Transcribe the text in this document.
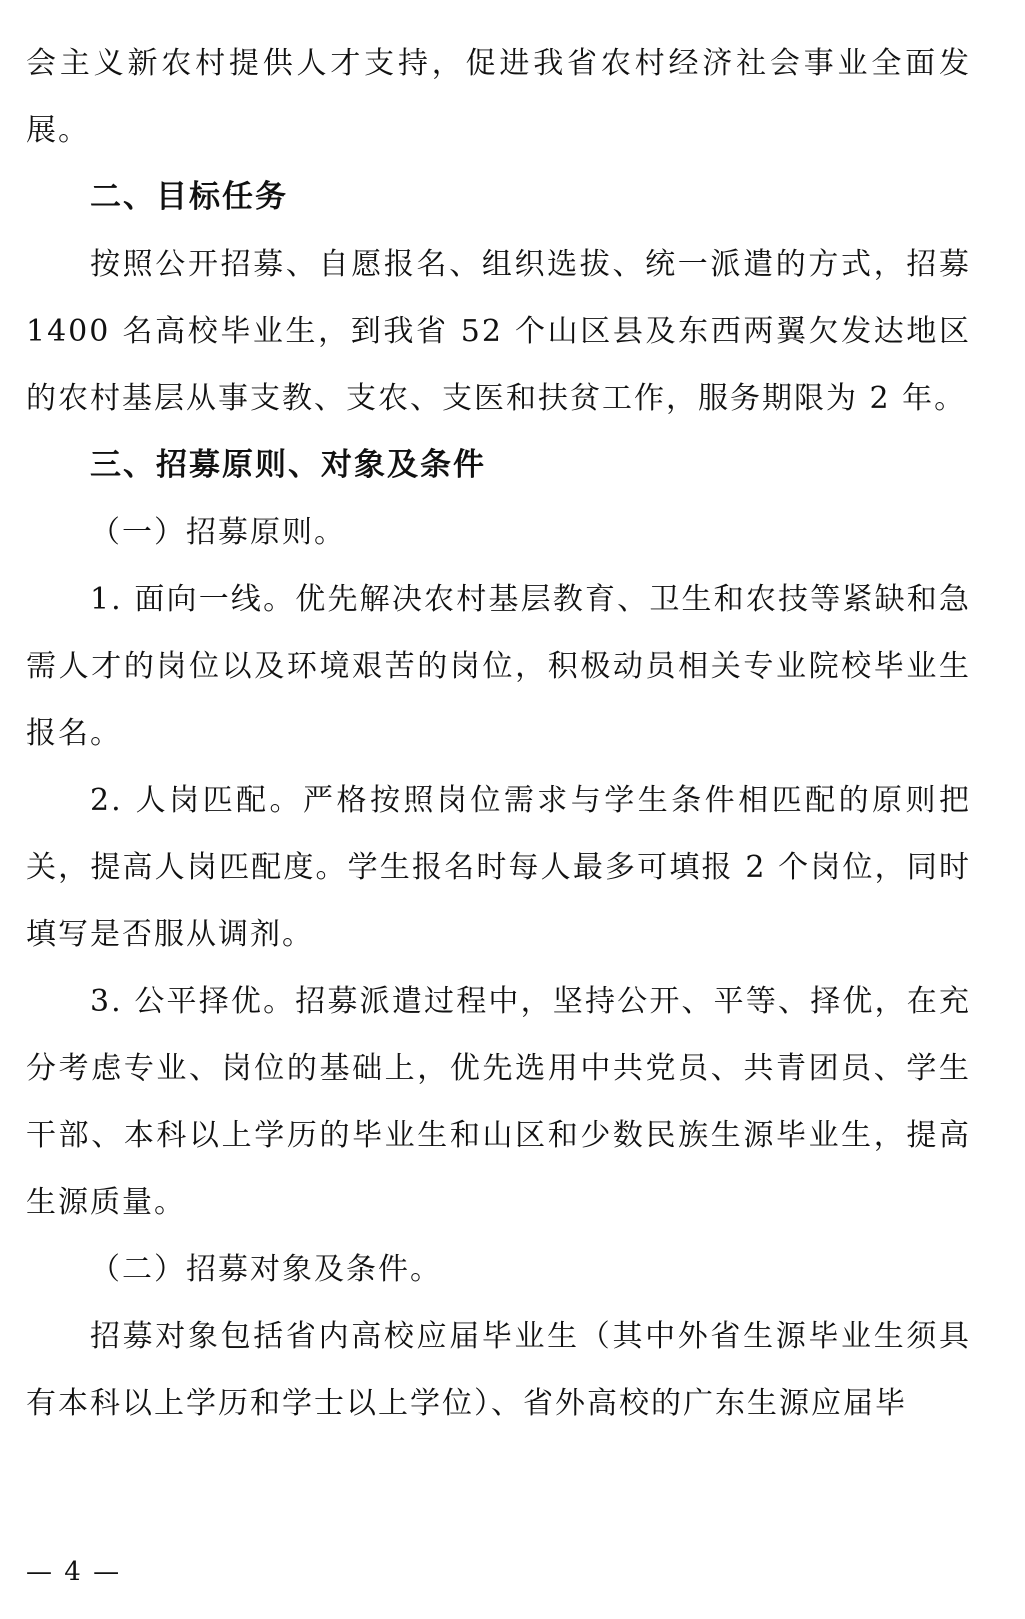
会主义新农村提供人才支持，促进我省农村经济社会事业全面发展。

二、目标任务

按照公开招募、自愿报名、组织选拔、统一派遣的方式，招募 1400 名高校毕业生，到我省 52 个山区县及东西两翼欠发达地区的农村基层从事支教、支农、支医和扶贫工作，服务期限为 2 年。

三、招募原则、对象及条件

（一）招募原则。

1. 面向一线。优先解决农村基层教育、卫生和农技等紧缺和急需人才的岗位以及环境艰苦的岗位，积极动员相关专业院校毕业生报名。

2. 人岗匹配。严格按照岗位需求与学生条件相匹配的原则把关，提高人岗匹配度。学生报名时每人最多可填报 2 个岗位，同时填写是否服从调剂。

3. 公平择优。招募派遣过程中，坚持公开、平等、择优，在充分考虑专业、岗位的基础上，优先选用中共党员、共青团员、学生干部、本科以上学历的毕业生和山区和少数民族生源毕业生，提高生源质量。

（二）招募对象及条件。

招募对象包括省内高校应届毕业生（其中外省生源毕业生须具有本科以上学历和学士以上学位）、省外高校的广东生源应届毕

— 4 —
